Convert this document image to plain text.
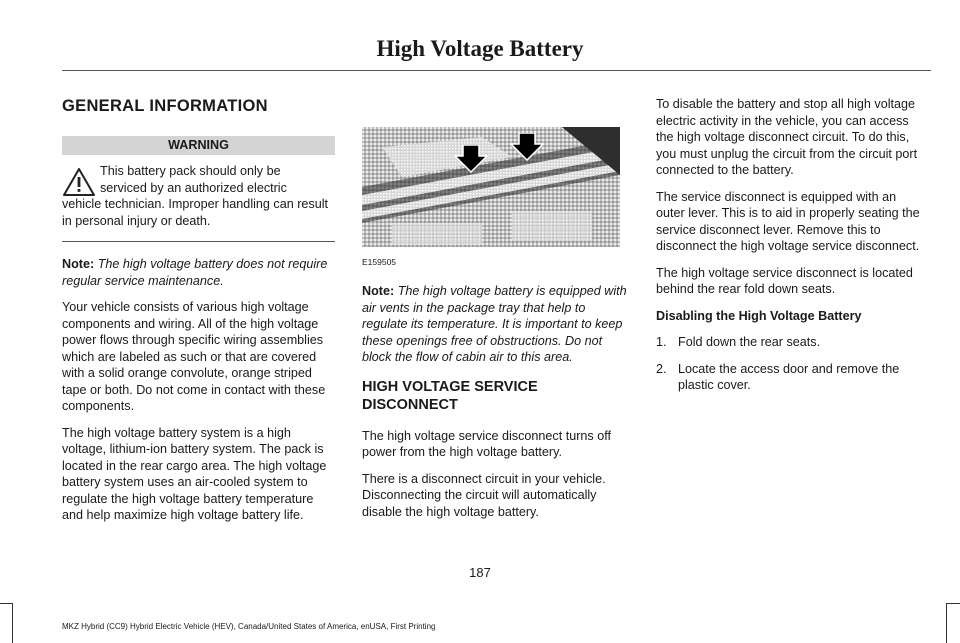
High Voltage Battery
GENERAL INFORMATION
WARNING
This battery pack should only be
serviced by an authorized electric
vehicle technician. Improper handling can result in personal injury or death.

Note: The high voltage battery does not require regular service maintenance.

Your vehicle consists of various high voltage components and wiring. All of the high voltage power flows through specific wiring assemblies which are labeled as such or that are covered with a solid orange convolute, orange striped tape or both. Do not come in contact with these components.

The high voltage battery system is a high voltage, lithium-ion battery system. The pack is located in the rear cargo area. The high voltage battery system uses an air-cooled system to regulate the high voltage battery temperature and help maximize high voltage battery life.

E159505

Note: The high voltage battery is equipped with air vents in the package tray that help to regulate its temperature. It is important to keep these openings free of obstructions. Do not block the flow of cabin air to this area.

HIGH VOLTAGE SERVICE
DISCONNECT

The high voltage service disconnect turns off power from the high voltage battery.

There is a disconnect circuit in your vehicle. Disconnecting the circuit will automatically disable the high voltage battery.

To disable the battery and stop all high voltage electric activity in the vehicle, you can access the high voltage disconnect circuit. To do this, you must unplug the circuit from the circuit port connected to the battery.

The service disconnect is equipped with an outer lever. This is to aid in properly seating the service disconnect lever. Remove this to disconnect the high voltage service disconnect.

The high voltage service disconnect is located behind the rear fold down seats.

Disabling the High Voltage Battery

1. Fold down the rear seats.
2. Locate the access door and remove the plastic cover.
187
MKZ Hybrid (CC9) Hybrid Electric Vehicle (HEV), Canada/United States of America, enUSA, First Printing
